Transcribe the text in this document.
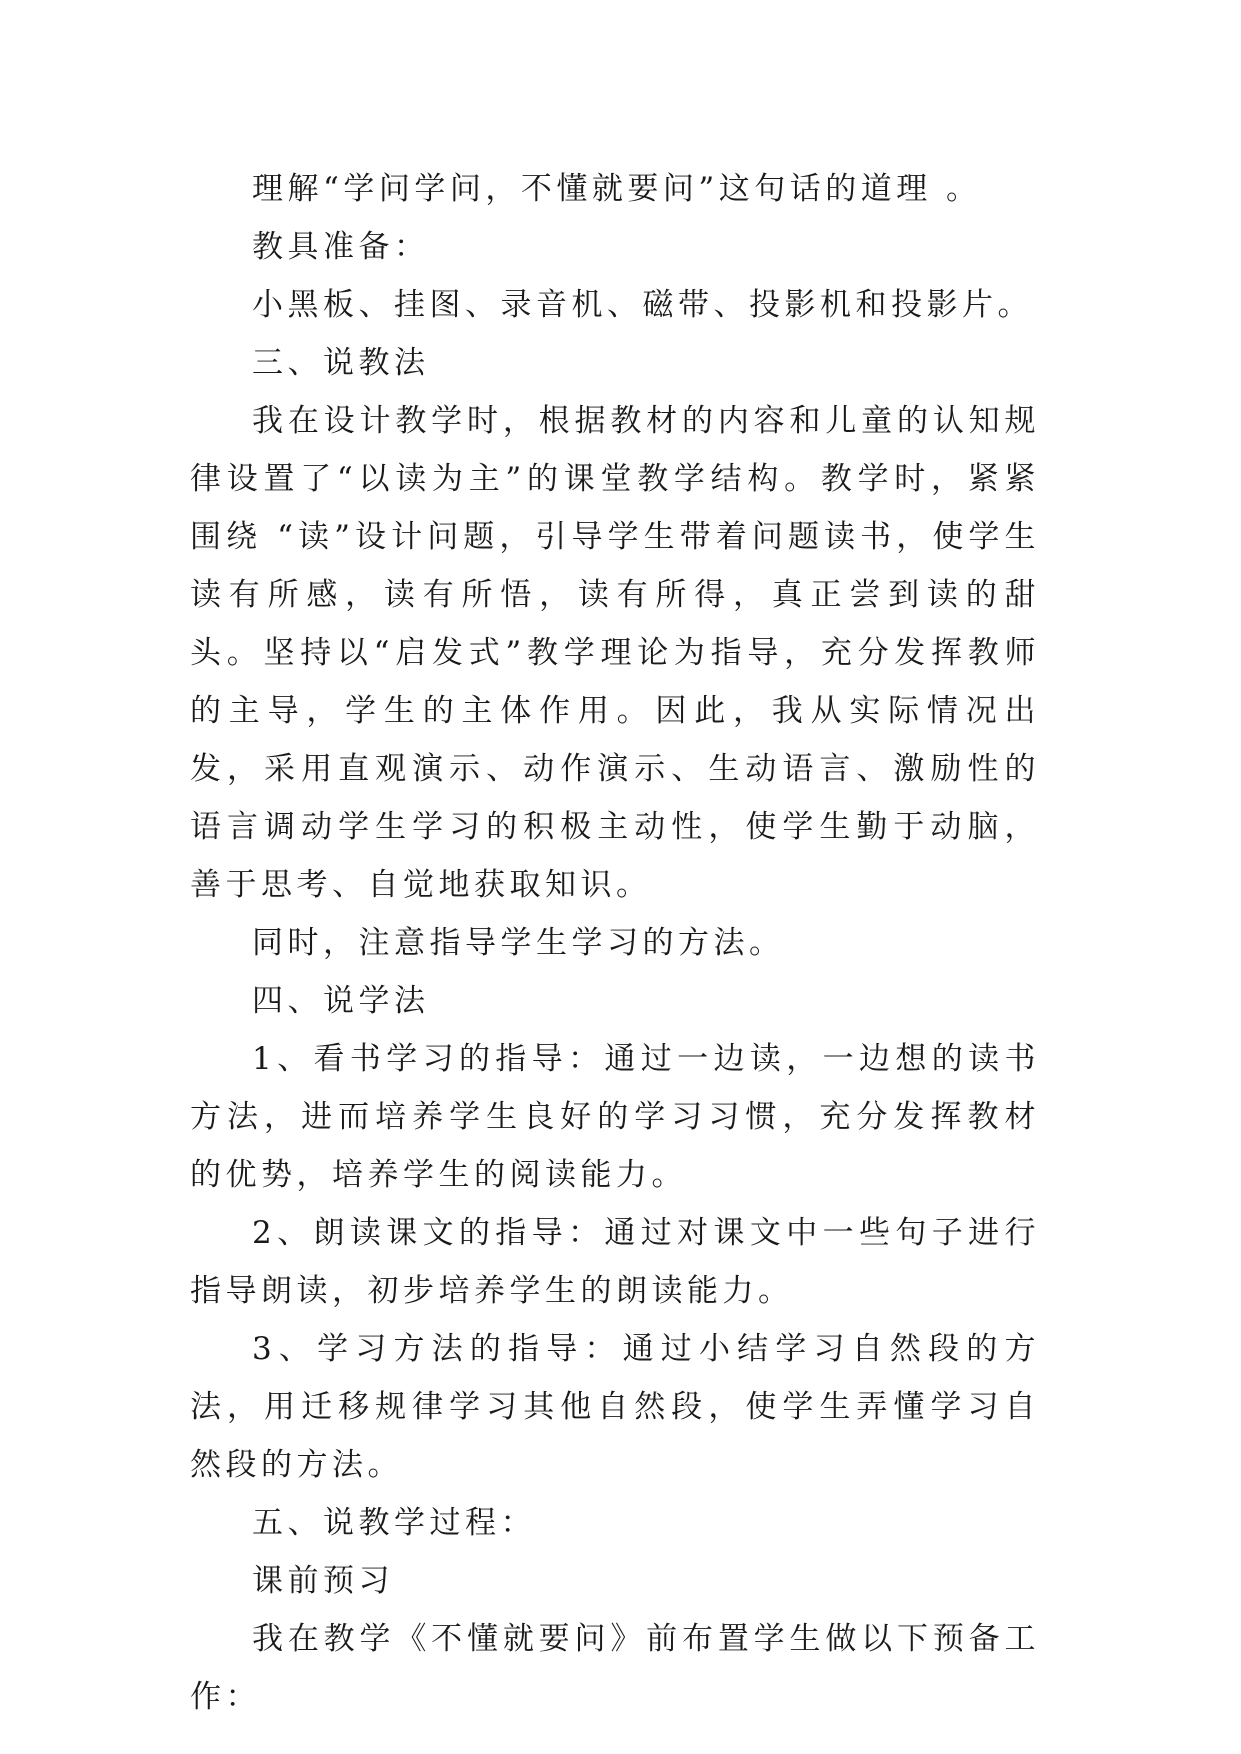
理解“学问学问，不懂就要问”这句话的道理 。

教具准备：

小黑板、挂图、录音机、磁带、投影机和投影片。

三、说教法

我在设计教学时，根据教材的内容和儿童的认知规律设置了“以读为主”的课堂教学结构。教学时，紧紧围绕 “读”设计问题，引导学生带着问题读书，使学生读有所感，读有所悟，读有所得，真正尝到读的甜头。坚持以“启发式”教学理论为指导，充分发挥教师的主导，学生的主体作用。因此，我从实际情况出发，采用直观演示、动作演示、生动语言、激励性的语言调动学生学习的积极主动性，使学生勤于动脑，善于思考、自觉地获取知识。

同时，注意指导学生学习的方法。

四、说学法

1、看书学习的指导：通过一边读，一边想的读书方法，进而培养学生良好的学习习惯，充分发挥教材的优势，培养学生的阅读能力。

2、朗读课文的指导：通过对课文中一些句子进行指导朗读，初步培养学生的朗读能力。

3、学习方法的指导：通过小结学习自然段的方法，用迁移规律学习其他自然段，使学生弄懂学习自然段的方法。

五、说教学过程：

课前预习

我在教学《不懂就要问》前布置学生做以下预备工作：
